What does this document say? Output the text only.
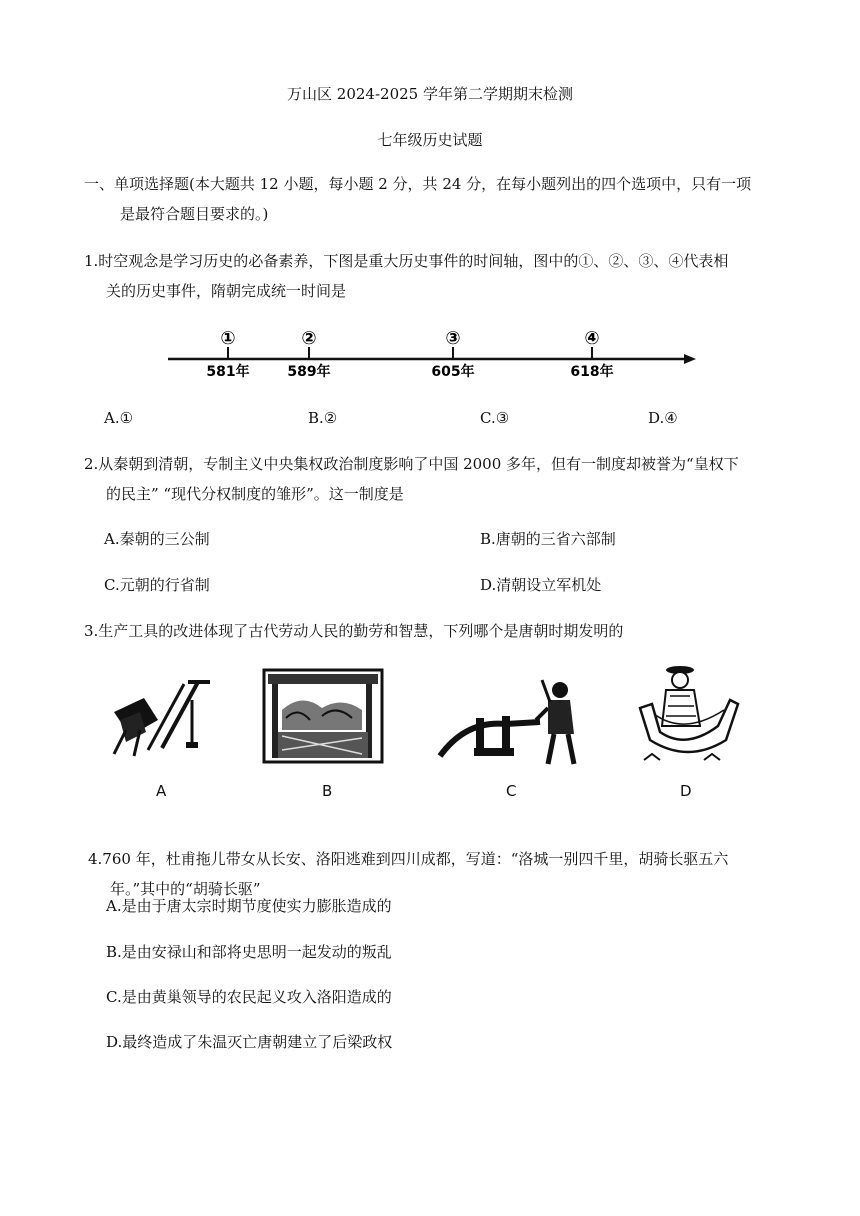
万山区 2024-2025 学年第二学期期末检测
七年级历史试题
一、单项选择题(本大题共 12 小题，每小题 2 分，共 24 分，在每小题列出的四个选项中，只有一项
是最符合题目要求的。)
1.时空观念是学习历史的必备素养，下图是重大历史事件的时间轴，图中的①、②、③、④代表相
关的历史事件，隋朝完成统一时间是
①
581年
②
589年
③
605年
④
618年
A.①	B.②	C.③	D.④
2.从秦朝到清朝，专制主义中央集权政治制度影响了中国 2000 多年，但有一制度却被誉为“皇权下
的民主” “现代分权制度的雏形”。这一制度是
A.秦朝的三公制	B.唐朝的三省六部制
C.元朝的行省制	D.清朝设立军机处
3.生产工具的改进体现了古代劳动人民的勤劳和智慧，下列哪个是唐朝时期发明的
A	B	C	D
4.760 年，杜甫拖儿带女从长安、洛阳逃难到四川成都，写道：“洛城一别四千里，胡骑长驱五六
年。”其中的“胡骑长驱”
A.是由于唐太宗时期节度使实力膨胀造成的
B.是由安禄山和部将史思明一起发动的叛乱
C.是由黄巢领导的农民起义攻入洛阳造成的
D.最终造成了朱温灭亡唐朝建立了后梁政权
